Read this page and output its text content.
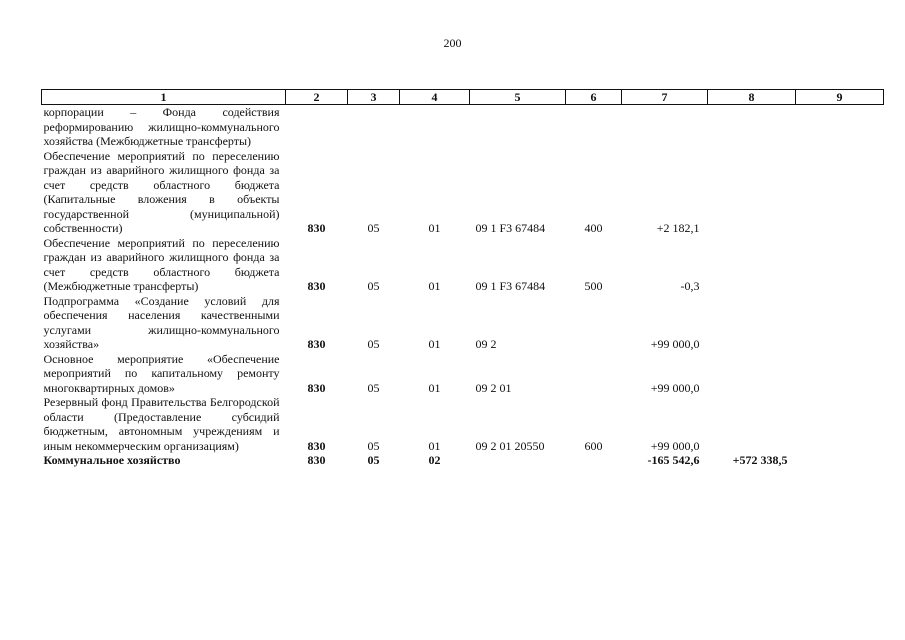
200
1	2	3	4	5	6	7	8	9
корпорации – Фонда содействия реформированию жилищно-коммунального хозяйства (Межбюджетные трансферты)								
Обеспечение мероприятий по переселению граждан из аварийного жилищного фонда за счет средств областного бюджета (Капитальные вложения в объекты государственной (муниципальной) собственности)	830	05	01	09 1 F3 67484	400	+2 182,1		
Обеспечение мероприятий по переселению граждан из аварийного жилищного фонда за счет средств областного бюджета (Межбюджетные трансферты)	830	05	01	09 1 F3 67484	500	-0,3		
Подпрограмма «Создание условий для обеспечения населения качественными услугами жилищно-коммунального хозяйства»	830	05	01	09 2		+99 000,0		
Основное мероприятие «Обеспечение мероприятий по капитальному ремонту многоквартирных домов»	830	05	01	09 2 01		+99 000,0		
Резервный фонд Правительства Белгородской области (Предоставление субсидий бюджетным, автономным учреждениям и иным некоммерческим организациям)	830	05	01	09 2 01 20550	600	+99 000,0		
Коммунальное хозяйство	830	05	02			-165 542,6	+572 338,5	
